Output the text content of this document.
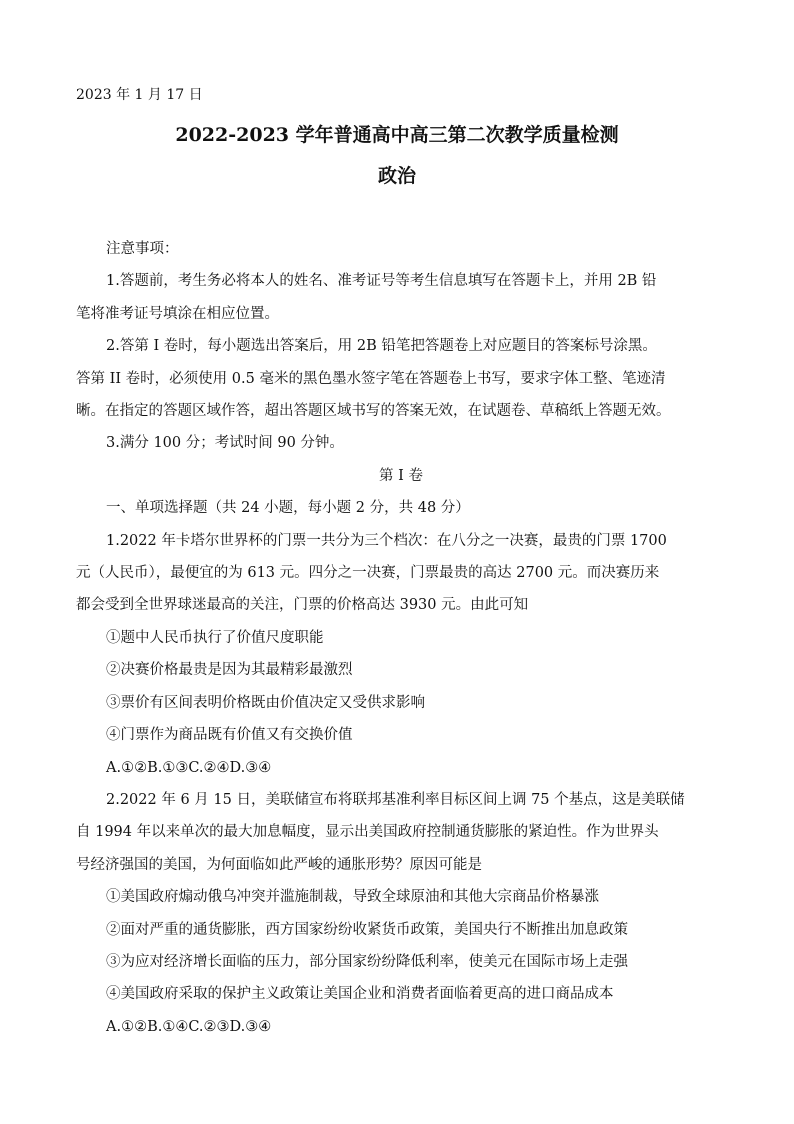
2023 年 1 月 17 日
2022-2023 学年普通高中高三第二次教学质量检测
政治

注意事项：

1.答题前，考生务必将本人的姓名、准考证号等考生信息填写在答题卡上，并用 2B 铅

笔将准考证号填涂在相应位置。

2.答第 I 卷时，每小题选出答案后，用 2B 铅笔把答题卷上对应题目的答案标号涂黑。

答第 II 卷时，必须使用 0.5 毫米的黑色墨水签字笔在答题卷上书写，要求字体工整、笔迹清

晰。在指定的答题区域作答，超出答题区域书写的答案无效，在试题卷、草稿纸上答题无效。

3.满分 100 分；考试时间 90 分钟。

第 I 卷

一、单项选择题（共 24 小题，每小题 2 分，共 48 分）

1.2022 年卡塔尔世界杯的门票一共分为三个档次：在八分之一决赛，最贵的门票 1700

元（人民币），最便宜的为 613 元。四分之一决赛，门票最贵的高达 2700 元。而决赛历来

都会受到全世界球迷最高的关注，门票的价格高达 3930 元。由此可知

①题中人民币执行了价值尺度职能

②决赛价格最贵是因为其最精彩最激烈

③票价有区间表明价格既由价值决定又受供求影响

④门票作为商品既有价值又有交换价值

A.①②B.①③C.②④D.③④

2.2022 年 6 月 15 日，美联储宣布将联邦基准利率目标区间上调 75 个基点，这是美联储

自 1994 年以来单次的最大加息幅度，显示出美国政府控制通货膨胀的紧迫性。作为世界头

号经济强国的美国，为何面临如此严峻的通胀形势？原因可能是

①美国政府煽动俄乌冲突并滥施制裁，导致全球原油和其他大宗商品价格暴涨

②面对严重的通货膨胀，西方国家纷纷收紧货币政策，美国央行不断推出加息政策

③为应对经济增长面临的压力，部分国家纷纷降低利率，使美元在国际市场上走强

④美国政府采取的保护主义政策让美国企业和消费者面临着更高的进口商品成本

A.①②B.①④C.②③D.③④
